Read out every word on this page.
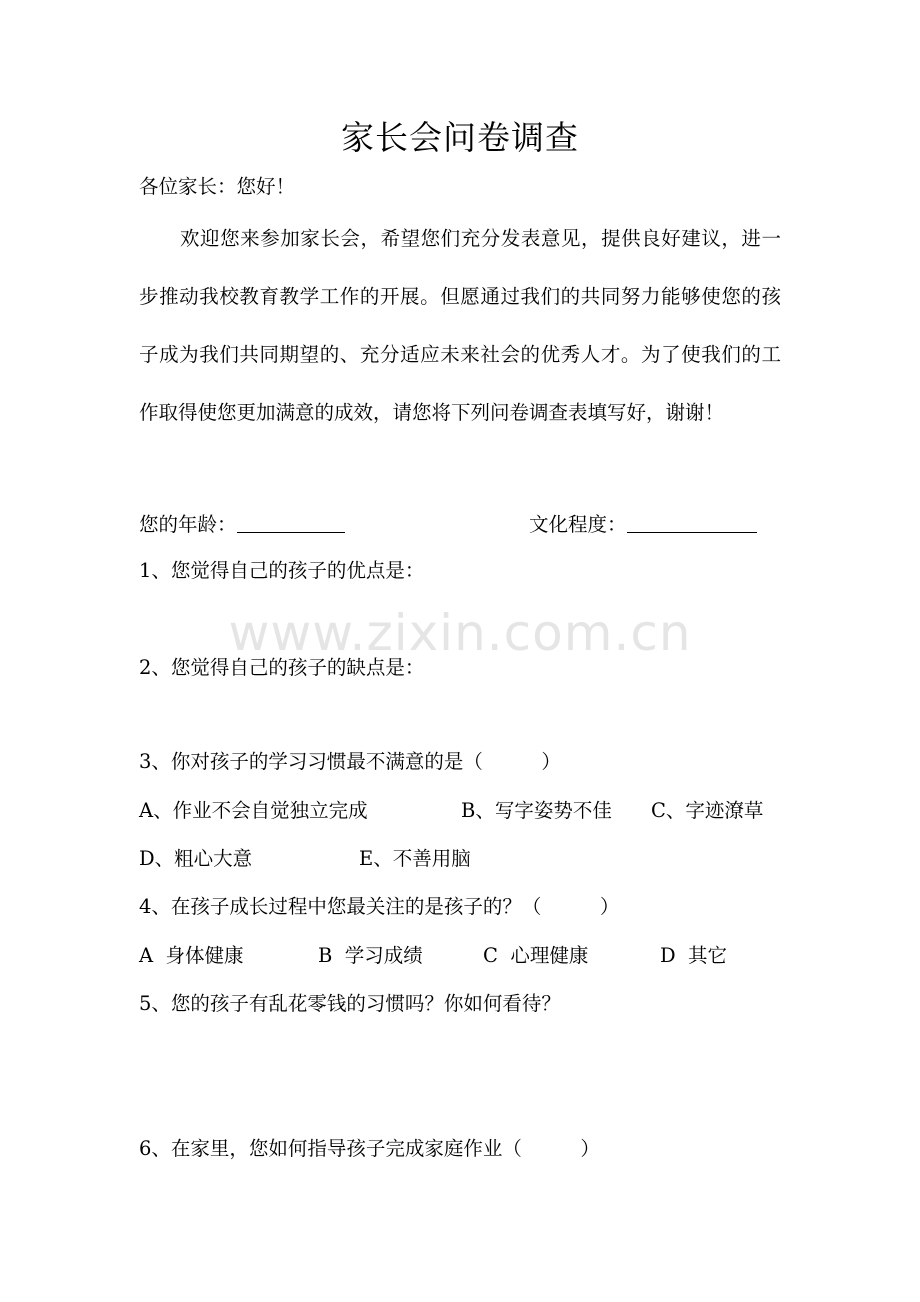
家长会问卷调查
各位家长：您好！
欢迎您来参加家长会，希望您们充分发表意见，提供良好建议，进一步推动我校教育教学工作的开展。但愿通过我们的共同努力能够使您的孩子成为我们共同期望的、充分适应未来社会的优秀人才。为了使我们的工作取得使您更加满意的成效，请您将下列问卷调查表填写好，谢谢！
您的年龄：	文化程度：
1、您觉得自己的孩子的优点是：
2、您觉得自己的孩子的缺点是：
3、你对孩子的学习习惯最不满意的是（　　　）
A、作业不会自觉独立完成	B、写字姿势不佳 C、字迹潦草
D、粗心大意	E、不善用脑
4、在孩子成长过程中您最关注的是孩子的？（　　　）
A  身体健康	B  学习成绩	C  心理健康	D  其它
5、您的孩子有乱花零钱的习惯吗？你如何看待？
6、在家里，您如何指导孩子完成家庭作业（　　　）
www.zixin.com.cn
